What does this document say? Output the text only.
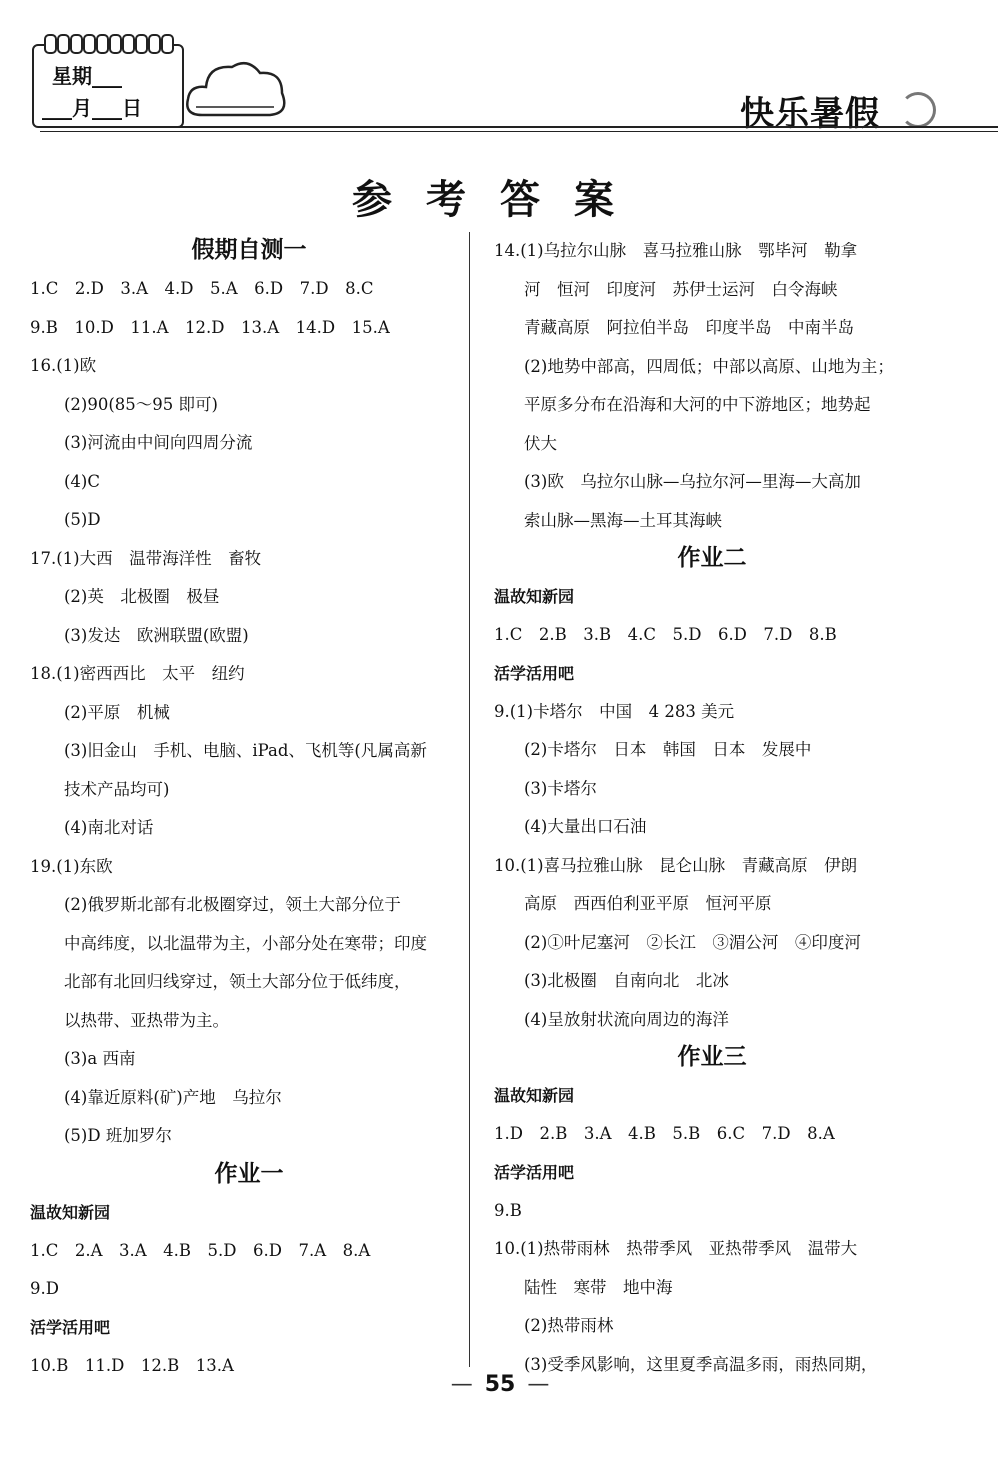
星期___
___月___日	快乐暑假
参考答案
假期自测一
1.C　2.D　3.A　4.D　5.A　6.D　7.D　8.C
9.B　10.D　11.A　12.D　13.A　14.D　15.A
16.(1)欧
(2)90(85～95 即可)
(3)河流由中间向四周分流
(4)C
(5)D
17.(1)大西　温带海洋性　畜牧
(2)英　北极圈　极昼
(3)发达　欧洲联盟(欧盟)
18.(1)密西西比　太平　纽约
(2)平原　机械
(3)旧金山　手机、电脑、iPad、飞机等(凡属高新
技术产品均可)
(4)南北对话
19.(1)东欧
(2)俄罗斯北部有北极圈穿过，领土大部分位于
中高纬度，以北温带为主，小部分处在寒带；印度
北部有北回归线穿过，领土大部分位于低纬度，
以热带、亚热带为主。
(3)a 西南
(4)靠近原料(矿)产地　乌拉尔
(5)D 班加罗尔
作业一
温故知新园
1.C　2.A　3.A　4.B　5.D　6.D　7.A　8.A
9.D
活学活用吧
10.B　11.D　12.B　13.A
14.(1)乌拉尔山脉　喜马拉雅山脉　鄂毕河　勒拿
河　恒河　印度河　苏伊士运河　白令海峡
青藏高原　阿拉伯半岛　印度半岛　中南半岛
(2)地势中部高，四周低；中部以高原、山地为主；
平原多分布在沿海和大河的中下游地区；地势起
伏大
(3)欧　乌拉尔山脉—乌拉尔河—里海—大高加
索山脉—黑海—土耳其海峡
作业二
温故知新园
1.C　2.B　3.B　4.C　5.D　6.D　7.D　8.B
活学活用吧
9.(1)卡塔尔　中国　4 283 美元
(2)卡塔尔　日本　韩国　日本　发展中
(3)卡塔尔
(4)大量出口石油
10.(1)喜马拉雅山脉　昆仑山脉　青藏高原　伊朗
高原　西西伯利亚平原　恒河平原
(2)①叶尼塞河　②长江　③湄公河　④印度河
(3)北极圈　自南向北　北冰
(4)呈放射状流向周边的海洋
作业三
温故知新园
1.D　2.B　3.A　4.B　5.B　6.C　7.D　8.A
活学活用吧
9.B
10.(1)热带雨林　热带季风　亚热带季风　温带大
陆性　寒带　地中海
(2)热带雨林
(3)受季风影响，这里夏季高温多雨，雨热同期，
— 55 —
